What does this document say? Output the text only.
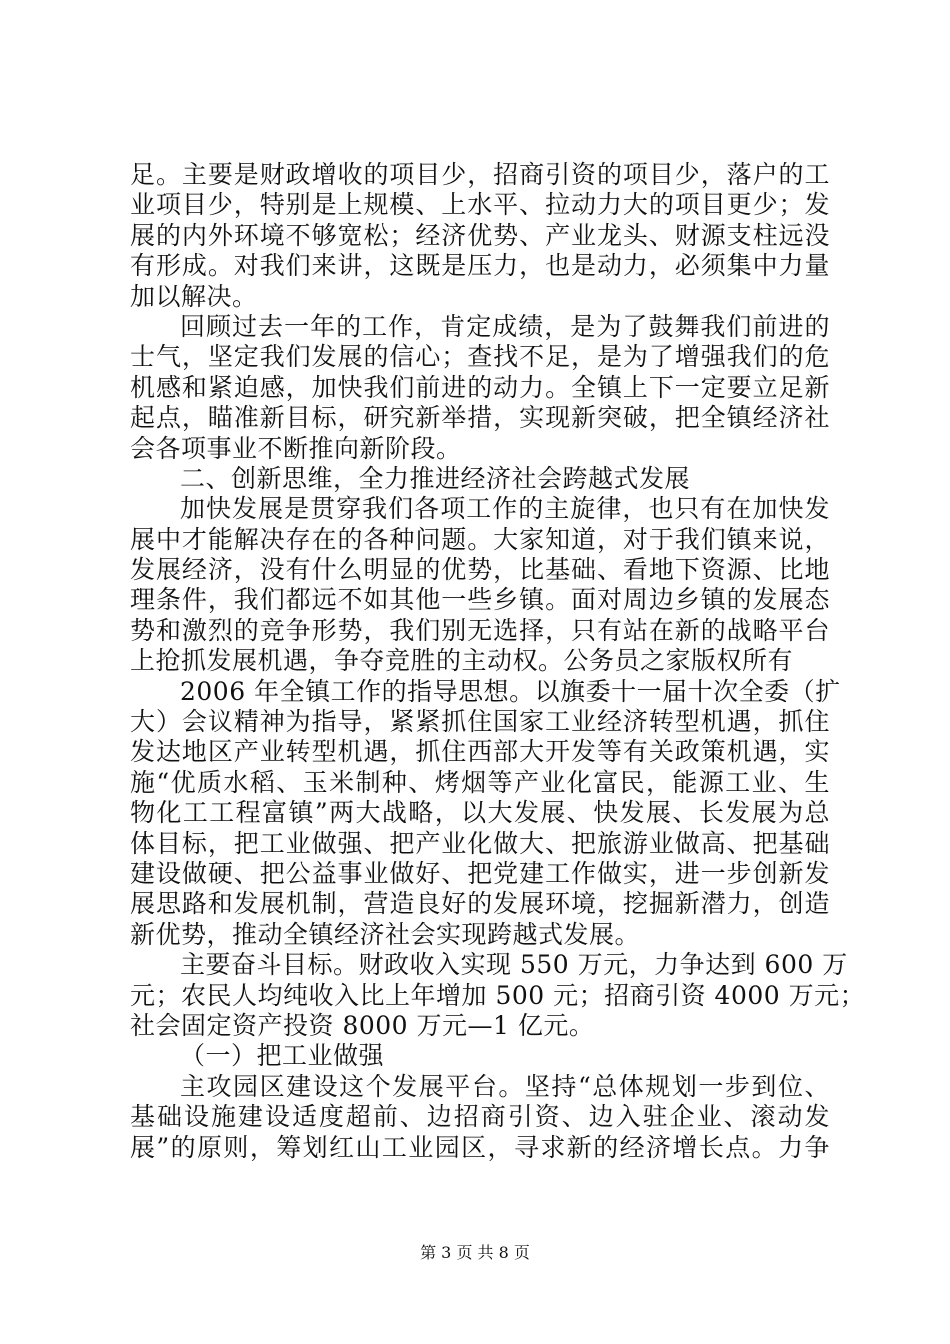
足。主要是财政增收的项目少，招商引资的项目少，落户的工
业项目少，特别是上规模、上水平、拉动力大的项目更少；发
展的内外环境不够宽松；经济优势、产业龙头、财源支柱远没
有形成。对我们来讲，这既是压力，也是动力，必须集中力量
加以解决。
回顾过去一年的工作，肯定成绩，是为了鼓舞我们前进的
士气，坚定我们发展的信心；查找不足，是为了增强我们的危
机感和紧迫感，加快我们前进的动力。全镇上下一定要立足新
起点，瞄准新目标，研究新举措，实现新突破，把全镇经济社
会各项事业不断推向新阶段。
二、创新思维，全力推进经济社会跨越式发展
加快发展是贯穿我们各项工作的主旋律，也只有在加快发
展中才能解决存在的各种问题。大家知道，对于我们镇来说，
发展经济，没有什么明显的优势，比基础、看地下资源、比地
理条件，我们都远不如其他一些乡镇。面对周边乡镇的发展态
势和激烈的竞争形势，我们别无选择，只有站在新的战略平台
上抢抓发展机遇，争夺竞胜的主动权。公务员之家版权所有
2006 年全镇工作的指导思想。以旗委十一届十次全委（扩
大）会议精神为指导，紧紧抓住国家工业经济转型机遇，抓住
发达地区产业转型机遇，抓住西部大开发等有关政策机遇，实
施“优质水稻、玉米制种、烤烟等产业化富民，能源工业、生
物化工工程富镇”两大战略，以大发展、快发展、长发展为总
体目标，把工业做强、把产业化做大、把旅游业做高、把基础
建设做硬、把公益事业做好、把党建工作做实，进一步创新发
展思路和发展机制，营造良好的发展环境，挖掘新潜力，创造
新优势，推动全镇经济社会实现跨越式发展。
主要奋斗目标。财政收入实现 550 万元，力争达到 600 万
元；农民人均纯收入比上年增加 500 元；招商引资 4000 万元；
社会固定资产投资 8000 万元—1 亿元。
（一）把工业做强
主攻园区建设这个发展平台。坚持“总体规划一步到位、
基础设施建设适度超前、边招商引资、边入驻企业、滚动发
展”的原则，筹划红山工业园区，寻求新的经济增长点。力争
第 3 页 共 8 页
